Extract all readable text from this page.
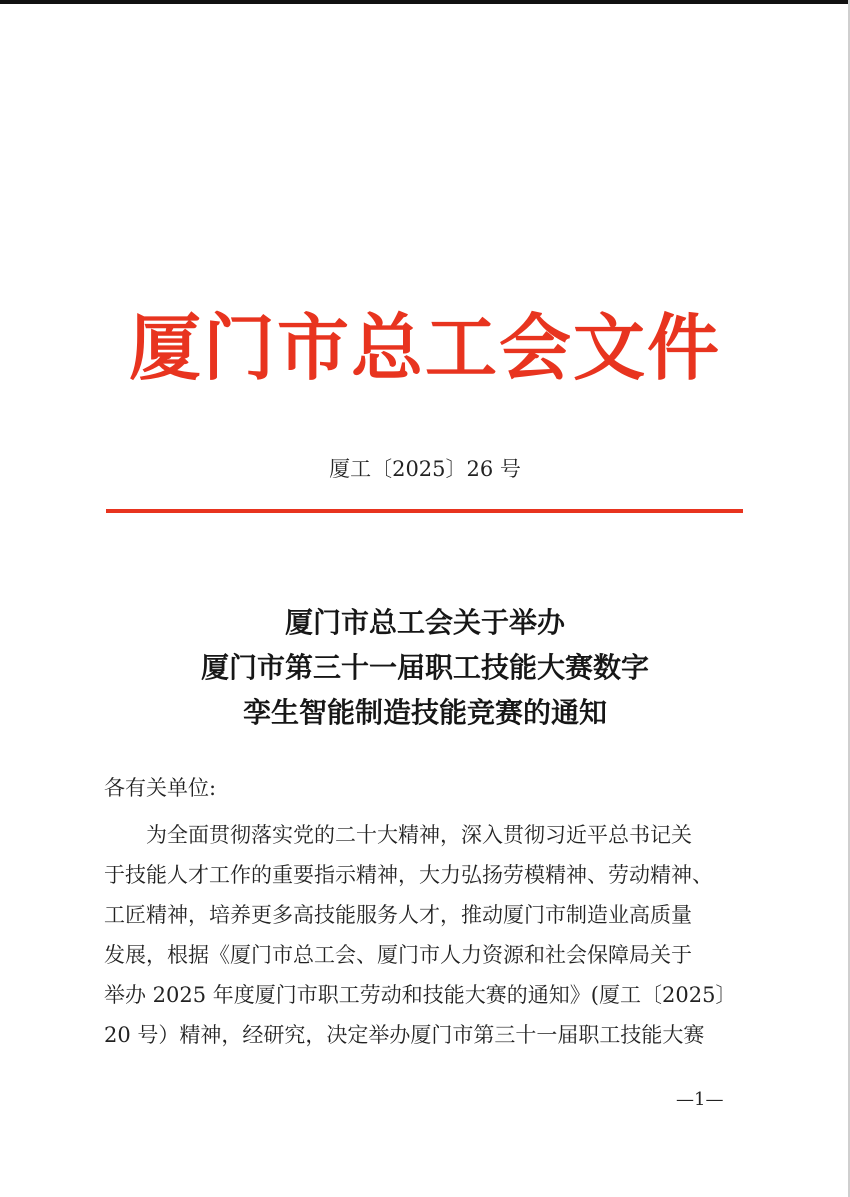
厦门市总工会文件
厦工〔2025〕26 号
厦门市总工会关于举办
厦门市第三十一届职工技能大赛数字
孪生智能制造技能竞赛的通知
各有关单位:
为全面贯彻落实党的二十大精神，深入贯彻习近平总书记关
于技能人才工作的重要指示精神，大力弘扬劳模精神、劳动精神、
工匠精神，培养更多高技能服务人才，推动厦门市制造业高质量
发展，根据《厦门市总工会、厦门市人力资源和社会保障局关于
举办 2025 年度厦门市职工劳动和技能大赛的通知》(厦工〔2025〕
20 号）精神，经研究，决定举办厦门市第三十一届职工技能大赛
—1—
